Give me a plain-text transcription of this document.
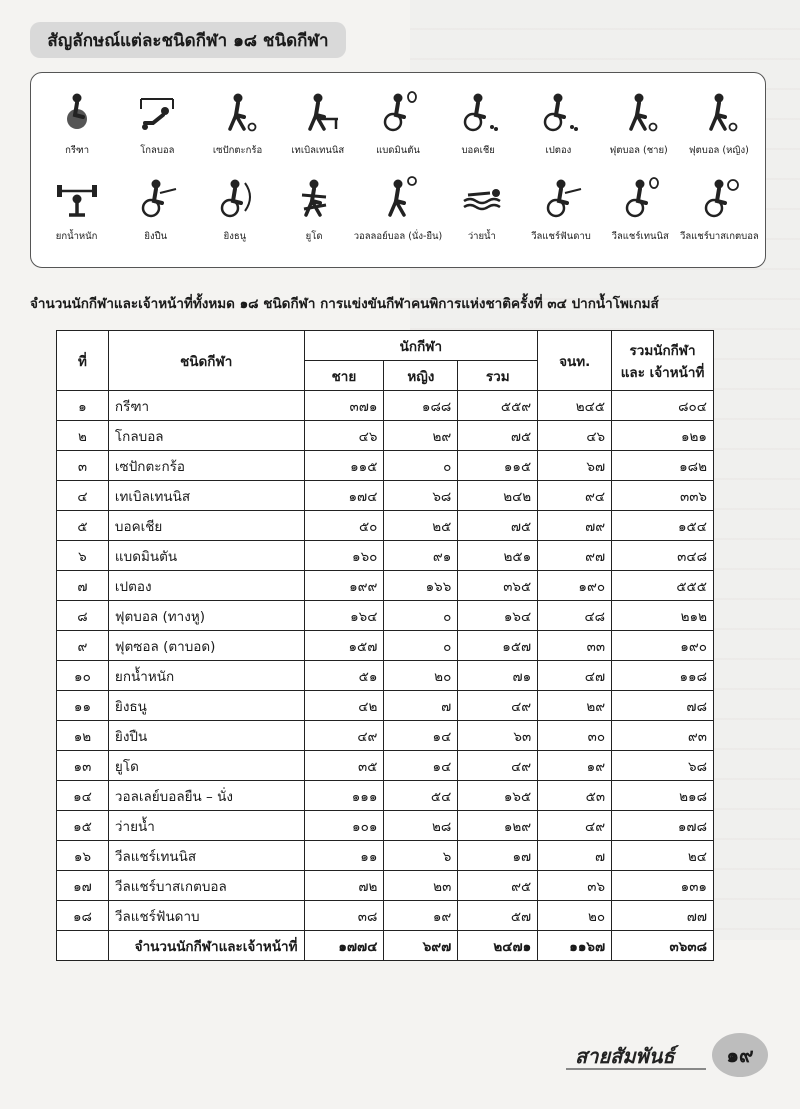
สัญลักษณ์แต่ละชนิดกีฬา ๑๘ ชนิดกีฬา
กรีฑา	โกลบอล	เซปักตะกร้อ	เทเบิลเทนนิส	แบดมินตัน	บอคเชีย	เปตอง	ฟุตบอล (ชาย) ฟุตบอล (หญิง)
ยกน้ำหนัก	ยิงปืน	ยิงธนู	ยูโด	วอลลอย์บอล (นั่ง-ยืน)	ว่ายน้ำ	วีลแชร์ฟันดาบ วีลแชร์เทนนิส วีลแชร์บาสเกตบอล
จำนวนนักกีฬาและเจ้าหน้าที่ทั้งหมด ๑๘ ชนิดกีฬา การแข่งขันกีฬาคนพิการแห่งชาติครั้งที่ ๓๔ ปากน้ำโพเกมส์
ที่	ชนิดกีฬา	นักกีฬา			จนท.	รวมนักกีฬา
และ เจ้าหน้าที่
		ชาย	หญิง	รวม		
๑	กรีฑา	๓๗๑	๑๘๘	๕๕๙	๒๔๕	๘๐๔
๒	โกลบอล	๔๖	๒๙	๗๕	๔๖	๑๒๑
๓	เซปักตะกร้อ	๑๑๕	๐	๑๑๕	๖๗	๑๘๒
๔	เทเบิลเทนนิส	๑๗๔	๖๘	๒๔๒	๙๔	๓๓๖
๕	บอคเชีย	๕๐	๒๕	๗๕	๗๙	๑๕๔
๖	แบดมินตัน	๑๖๐	๙๑	๒๕๑	๙๗	๓๔๘
๗	เปตอง	๑๙๙	๑๖๖	๓๖๕	๑๙๐	๕๕๕
๘	ฟุตบอล (ทางหู)	๑๖๔	๐	๑๖๔	๔๘	๒๑๒
๙	ฟุตซอล (ตาบอด)	๑๕๗	๐	๑๕๗	๓๓	๑๙๐
๑๐	ยกน้ำหนัก	๕๑	๒๐	๗๑	๔๗	๑๑๘
๑๑	ยิงธนู	๔๒	๗	๔๙	๒๙	๗๘
๑๒	ยิงปืน	๔๙	๑๔	๖๓	๓๐	๙๓
๑๓	ยูโด	๓๕	๑๔	๔๙	๑๙	๖๘
๑๔	วอลเลย์บอลยืน – นั่ง	๑๑๑	๕๔	๑๖๕	๕๓	๒๑๘
๑๕	ว่ายน้ำ	๑๐๑	๒๘	๑๒๙	๔๙	๑๗๘
๑๖	วีลแชร์เทนนิส	๑๑	๖	๑๗	๗	๒๔
๑๗	วีลแชร์บาสเกตบอล	๗๒	๒๓	๙๕	๓๖	๑๓๑
๑๘	วีลแชร์ฟันดาบ	๓๘	๑๙	๕๗	๒๐	๗๗
	จำนวนนักกีฬาและเจ้าหน้าที่	๑๗๗๔	๖๙๗	๒๔๗๑	๑๑๖๗	๓๖๓๘
สายสัมพันธ์	๑๙
